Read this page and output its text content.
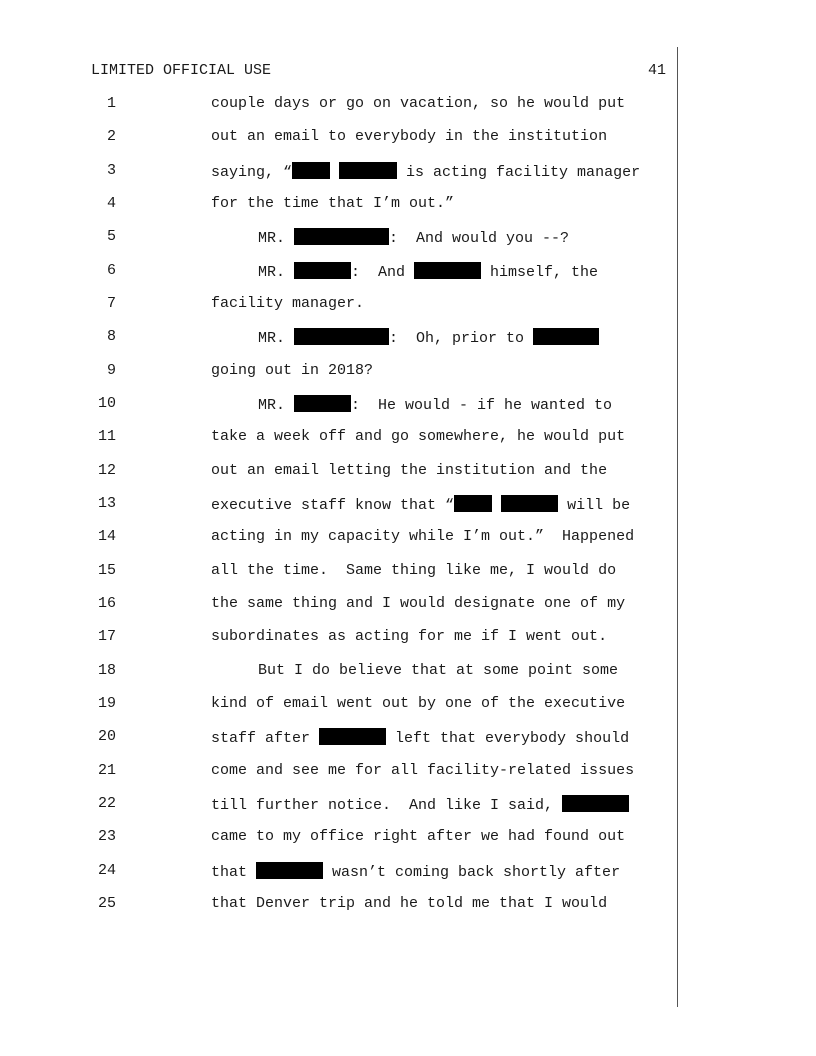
LIMITED OFFICIAL USE	41
1	couple days or go on vacation, so he would put
2	out an email to everybody in the institution
3	saying, “	is acting facility manager
4	for the time that I’m out.”
5	MR.	:  And would you --?
6	MR.	:  And	himself, the
7	facility manager.
8	MR.	:  Oh, prior to
9	going out in 2018?
10	MR.	:  He would - if he wanted to
11	take a week off and go somewhere, he would put
12	out an email letting the institution and the
13	executive staff know that “	will be
14	acting in my capacity while I’m out.”  Happened
15	all the time.  Same thing like me, I would do
16	the same thing and I would designate one of my
17	subordinates as acting for me if I went out.
18	But I do believe that at some point some
19	kind of email went out by one of the executive
20	staff after	left that everybody should
21	come and see me for all facility-related issues
22	till further notice.  And like I said,
23	came to my office right after we had found out
24	that	wasn’t coming back shortly after
25	that Denver trip and he told me that I would
